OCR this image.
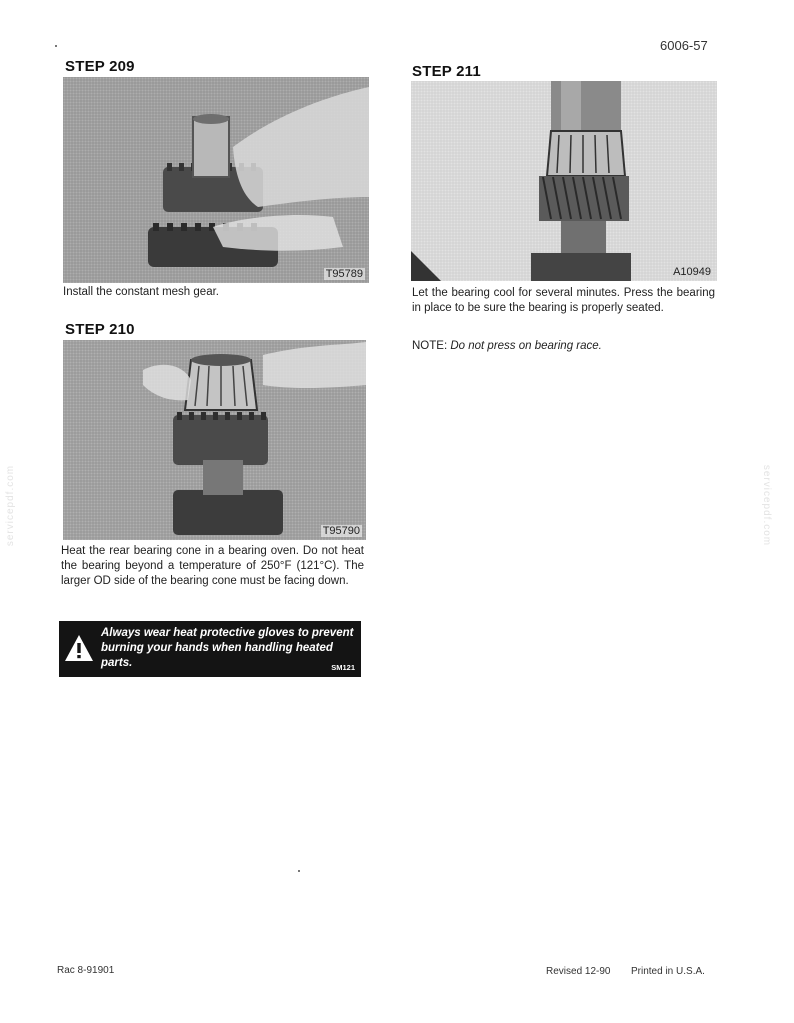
6006-57
STEP 209
T95789
Install the constant mesh gear.
STEP 210
T95790
Heat the rear bearing cone in a bearing oven. Do not heat the bearing beyond a temperature of 250°F (121°C). The larger OD side of the bearing cone must be facing down.
Always wear heat protective gloves to prevent burning your hands when handling heated parts.	SM121
STEP 211
A10949
Let the bearing cool for several minutes. Press the bearing in place to be sure the bearing is properly seated.
NOTE: Do not press on bearing race.
servicepdf.com	servicepdf.com
Rac 8-91901	Revised 12-90 Printed in U.S.A.
